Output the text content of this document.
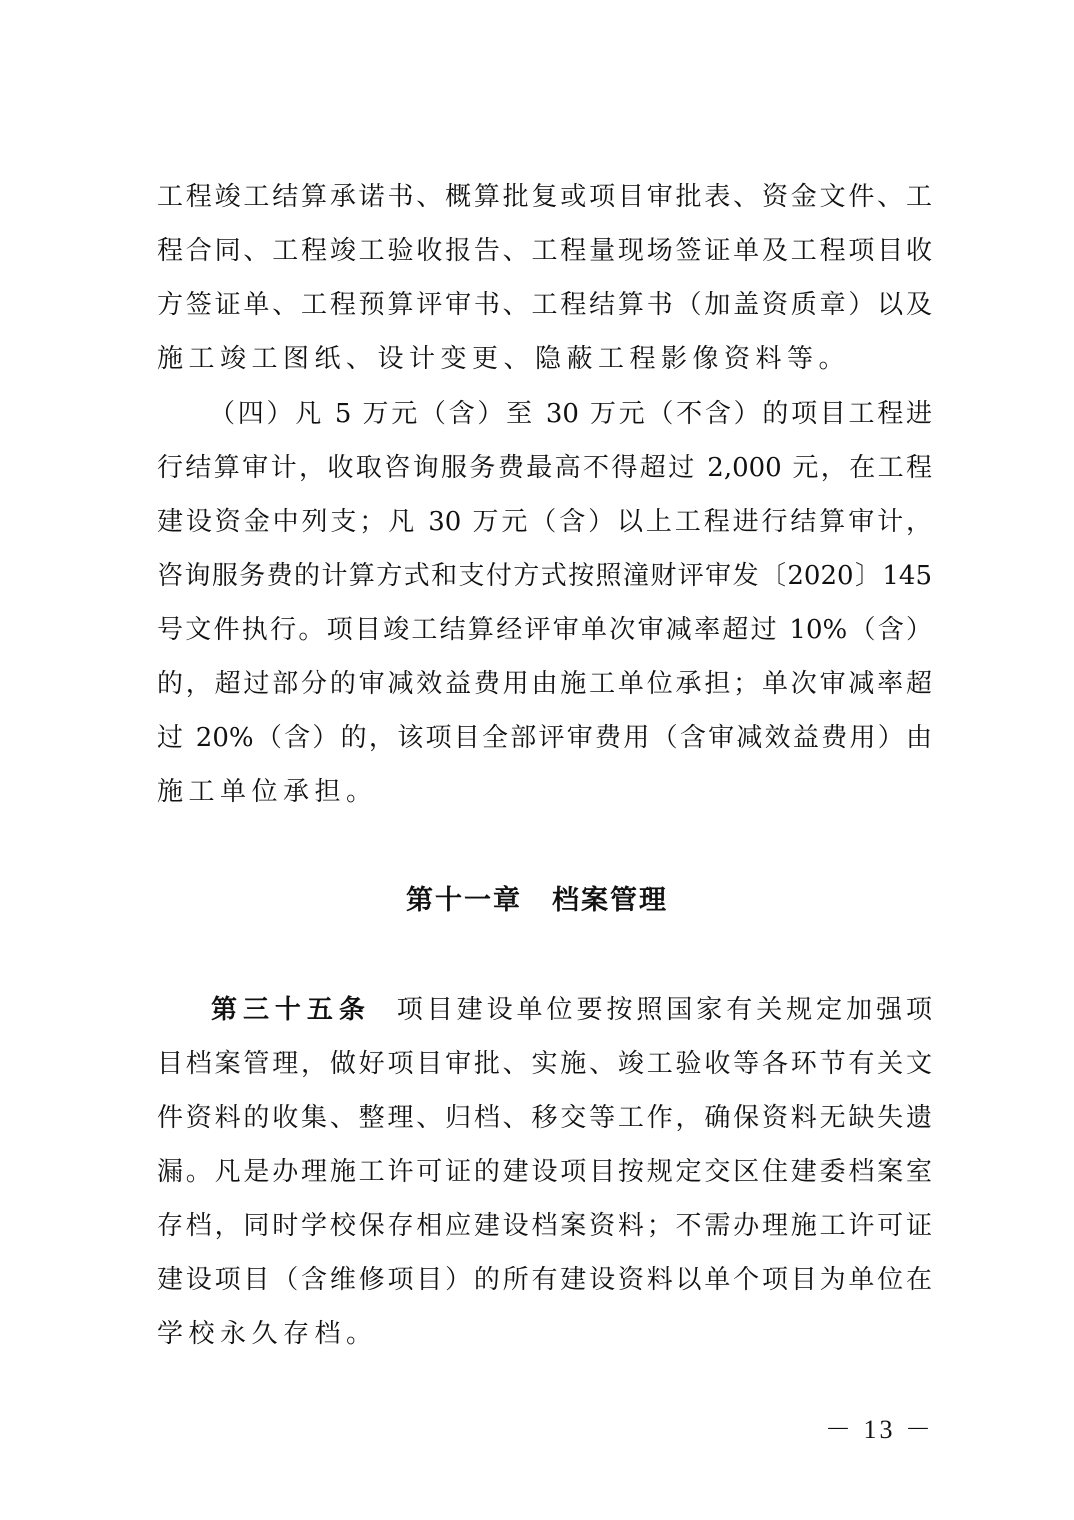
工程竣工结算承诺书、概算批复或项目审批表、资金文件、工
程合同、工程竣工验收报告、工程量现场签证单及工程项目收
方签证单、工程预算评审书、工程结算书（加盖资质章）以及
施工竣工图纸、设计变更、隐蔽工程影像资料等。
（四）凡 5 万元（含）至 30 万元（不含）的项目工程进
行结算审计，收取咨询服务费最高不得超过 2,000 元，在工程
建设资金中列支；凡 30 万元（含）以上工程进行结算审计，
咨询服务费的计算方式和支付方式按照潼财评审发〔2020〕145
号文件执行。项目竣工结算经评审单次审减率超过 10%（含）
的，超过部分的审减效益费用由施工单位承担；单次审减率超
过 20%（含）的，该项目全部评审费用（含审减效益费用）由
施工单位承担。
第十一章 档案管理
第三十五条 项目建设单位要按照国家有关规定加强项
目档案管理，做好项目审批、实施、竣工验收等各环节有关文
件资料的收集、整理、归档、移交等工作，确保资料无缺失遗
漏。凡是办理施工许可证的建设项目按规定交区住建委档案室
存档，同时学校保存相应建设档案资料；不需办理施工许可证
建设项目（含维修项目）的所有建设资料以单个项目为单位在
学校永久存档。
－ 13 －
